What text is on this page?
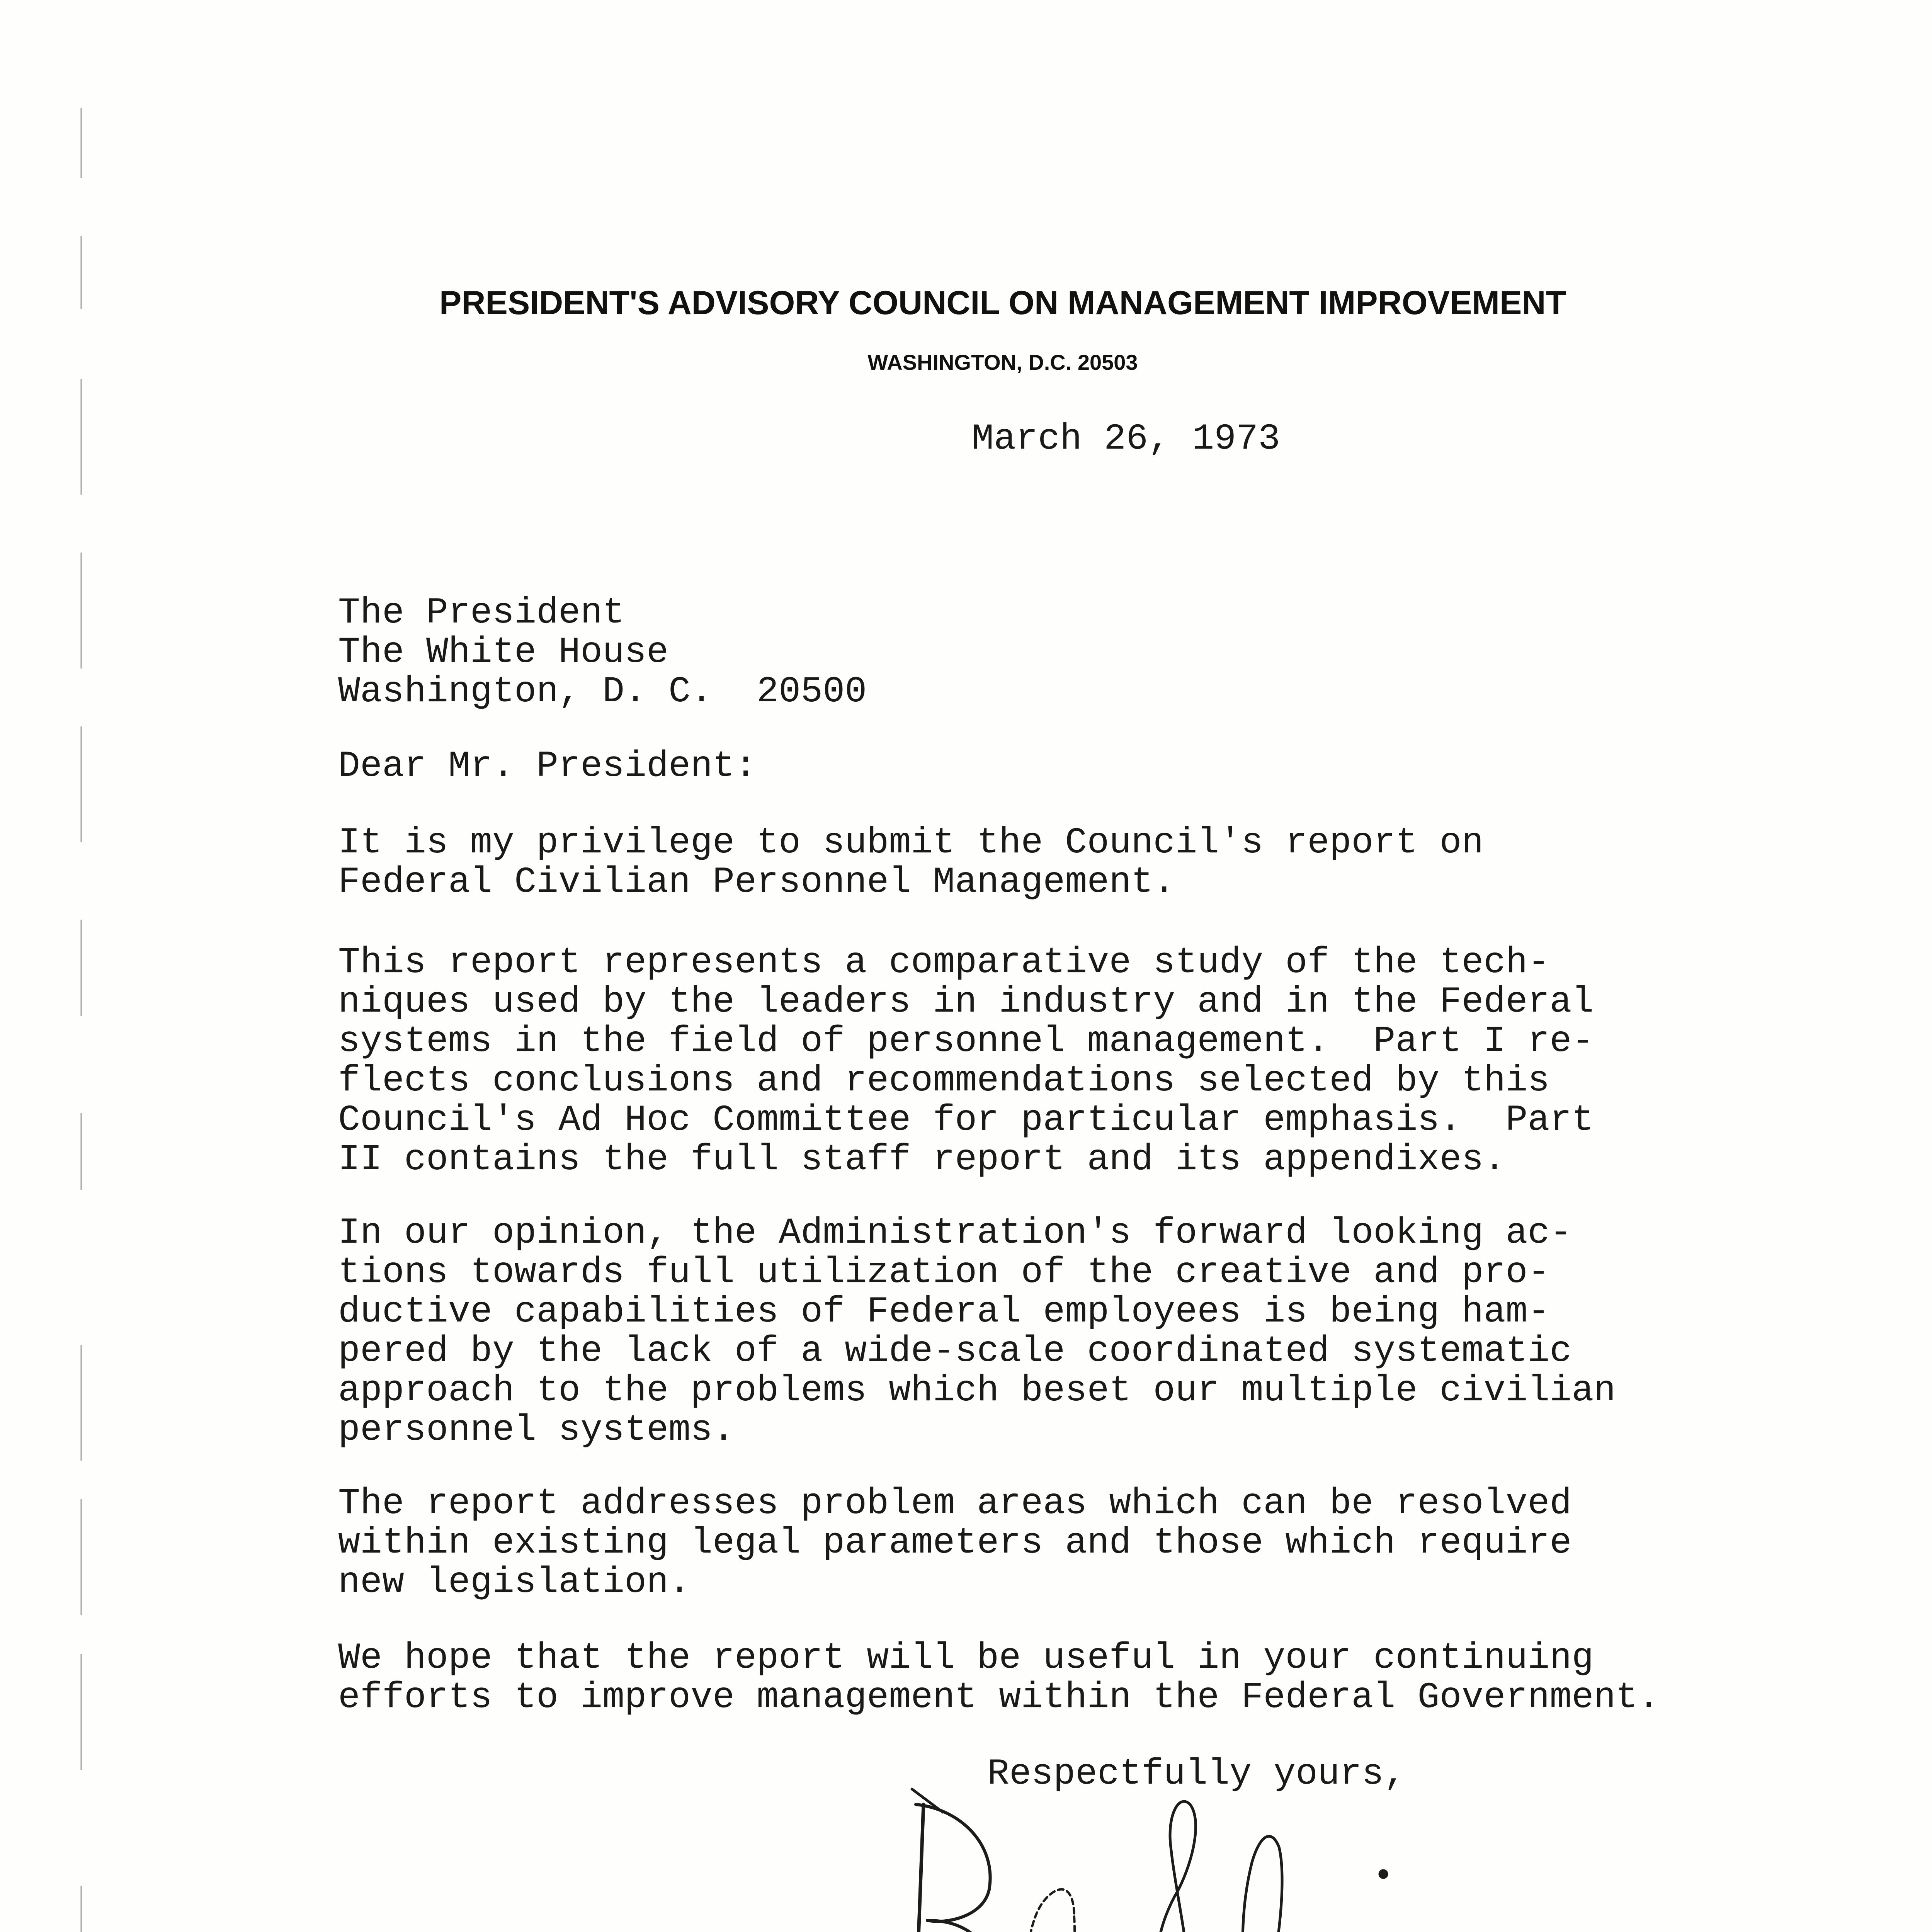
PRESIDENT'S ADVISORY COUNCIL ON MANAGEMENT IMPROVEMENT
WASHINGTON, D.C. 20503
March 26, 1973
The President
The White House
Washington, D. C.  20500
Dear Mr. President:
It is my privilege to submit the Council's report on
Federal Civilian Personnel Management.
This report represents a comparative study of the tech-
niques used by the leaders in industry and in the Federal
systems in the field of personnel management.  Part I re-
flects conclusions and recommendations selected by this
Council's Ad Hoc Committee for particular emphasis.  Part
II contains the full staff report and its appendixes.
In our opinion, the Administration's forward looking ac-
tions towards full utilization of the creative and pro-
ductive capabilities of Federal employees is being ham-
pered by the lack of a wide-scale coordinated systematic
approach to the problems which beset our multiple civilian
personnel systems.
The report addresses problem areas which can be resolved
within existing legal parameters and those which require
new legislation.
We hope that the report will be useful in your continuing
efforts to improve management within the Federal Government.
Respectfully yours,
